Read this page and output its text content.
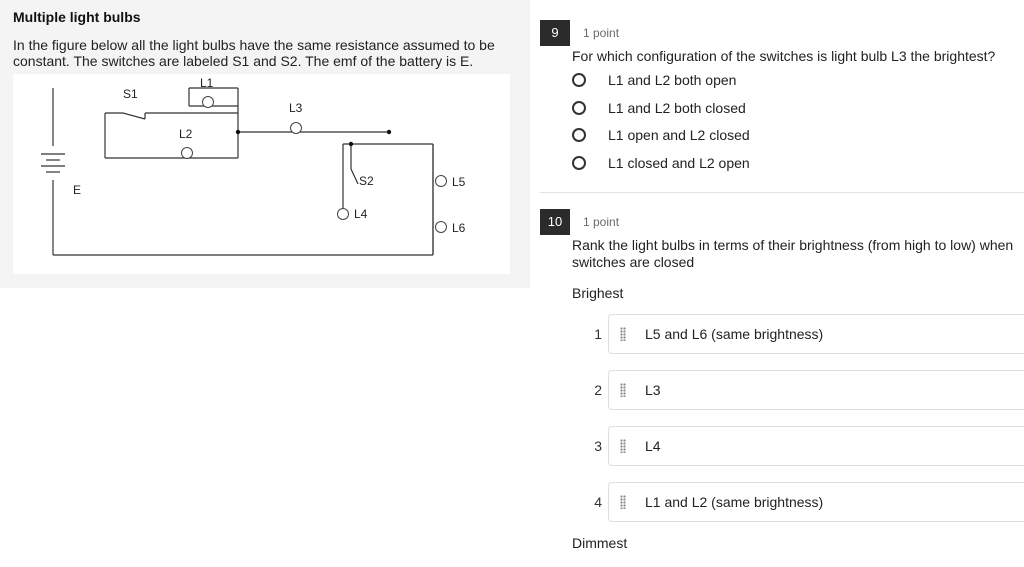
Multiple light bulbs
In the figure below all the light bulbs have the same resistance assumed to be constant. The switches are labeled S1 and S2. The emf of the battery is E.
S1
L1
L2
L3
S2
L4
L5
L6
E
9	1 point
For which configuration of the switches is light bulb L3 the brightest?
L1 and L2 both open
L1 and L2 both closed
L1 open and L2 closed
L1 closed and L2 open
10	1 point
Rank the light bulbs in terms of their brightness (from high to low) when switches are closed
Brighest
1	L5 and L6 (same brightness)
2	L3
3	L4
4	L1 and L2 (same brightness)
Dimmest
